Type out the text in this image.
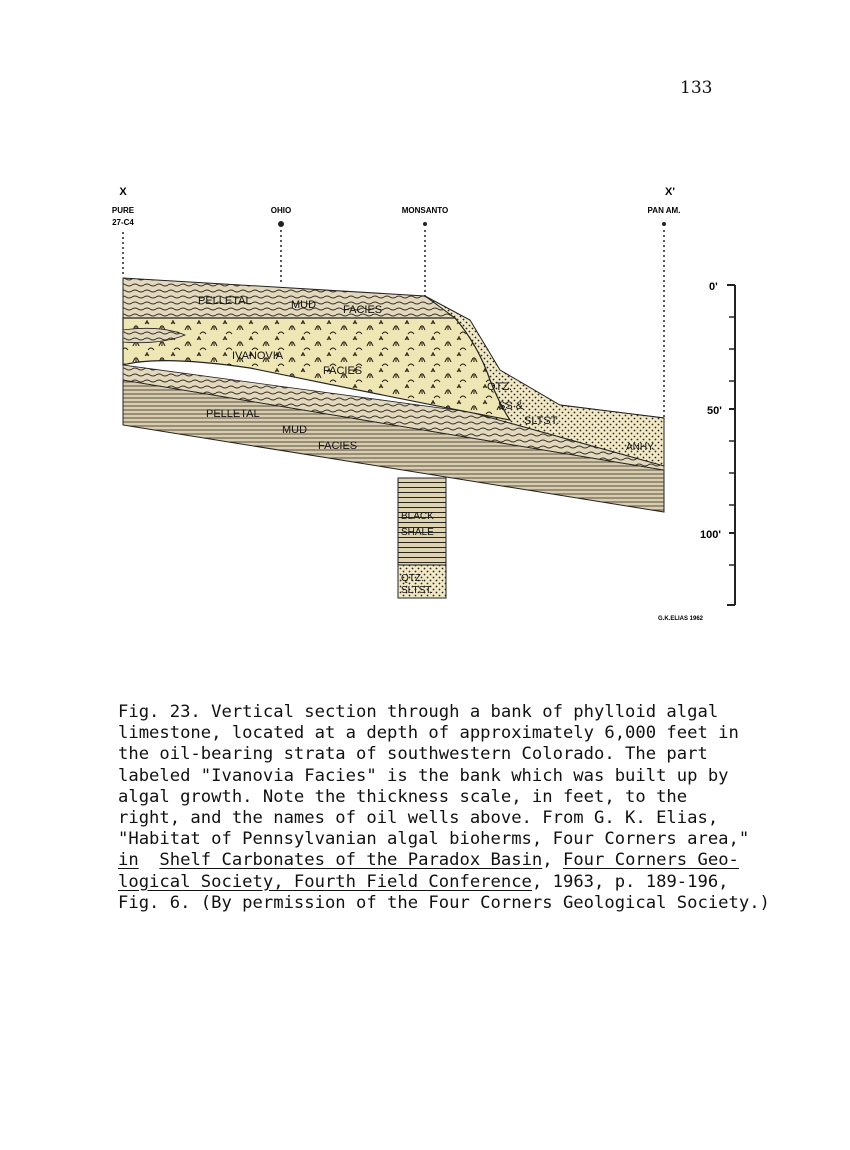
133
X	X'
PURE
27-C4
OHIO	MONSANTO	PAN AM.
PELLETAL	MUD FACIES
IVANOVIA
FACIES
PELLETAL
MUD
FACIES
QTZ.
SS &
SLTST.
ANHY.
BLACK
SHALE
QTZ.
SLTST.
0'
50'
100'
G.K.ELIAS 1962
Fig. 23. Vertical section through a bank of phylloid algal
limestone, located at a depth of approximately 6,000 feet in
the oil-bearing strata of southwestern Colorado. The part
labeled "Ivanovia Facies" is the bank which was built up by
algal growth. Note the thickness scale, in feet, to the
right, and the names of oil wells above. From G. K. Elias,
"Habitat of Pennsylvanian algal bioherms, Four Corners area,"
in Shelf Carbonates of the Paradox Basin, Four Corners Geo-
logical Society, Fourth Field Conference, 1963, p. 189-196,
Fig. 6. (By permission of the Four Corners Geological Society.)
